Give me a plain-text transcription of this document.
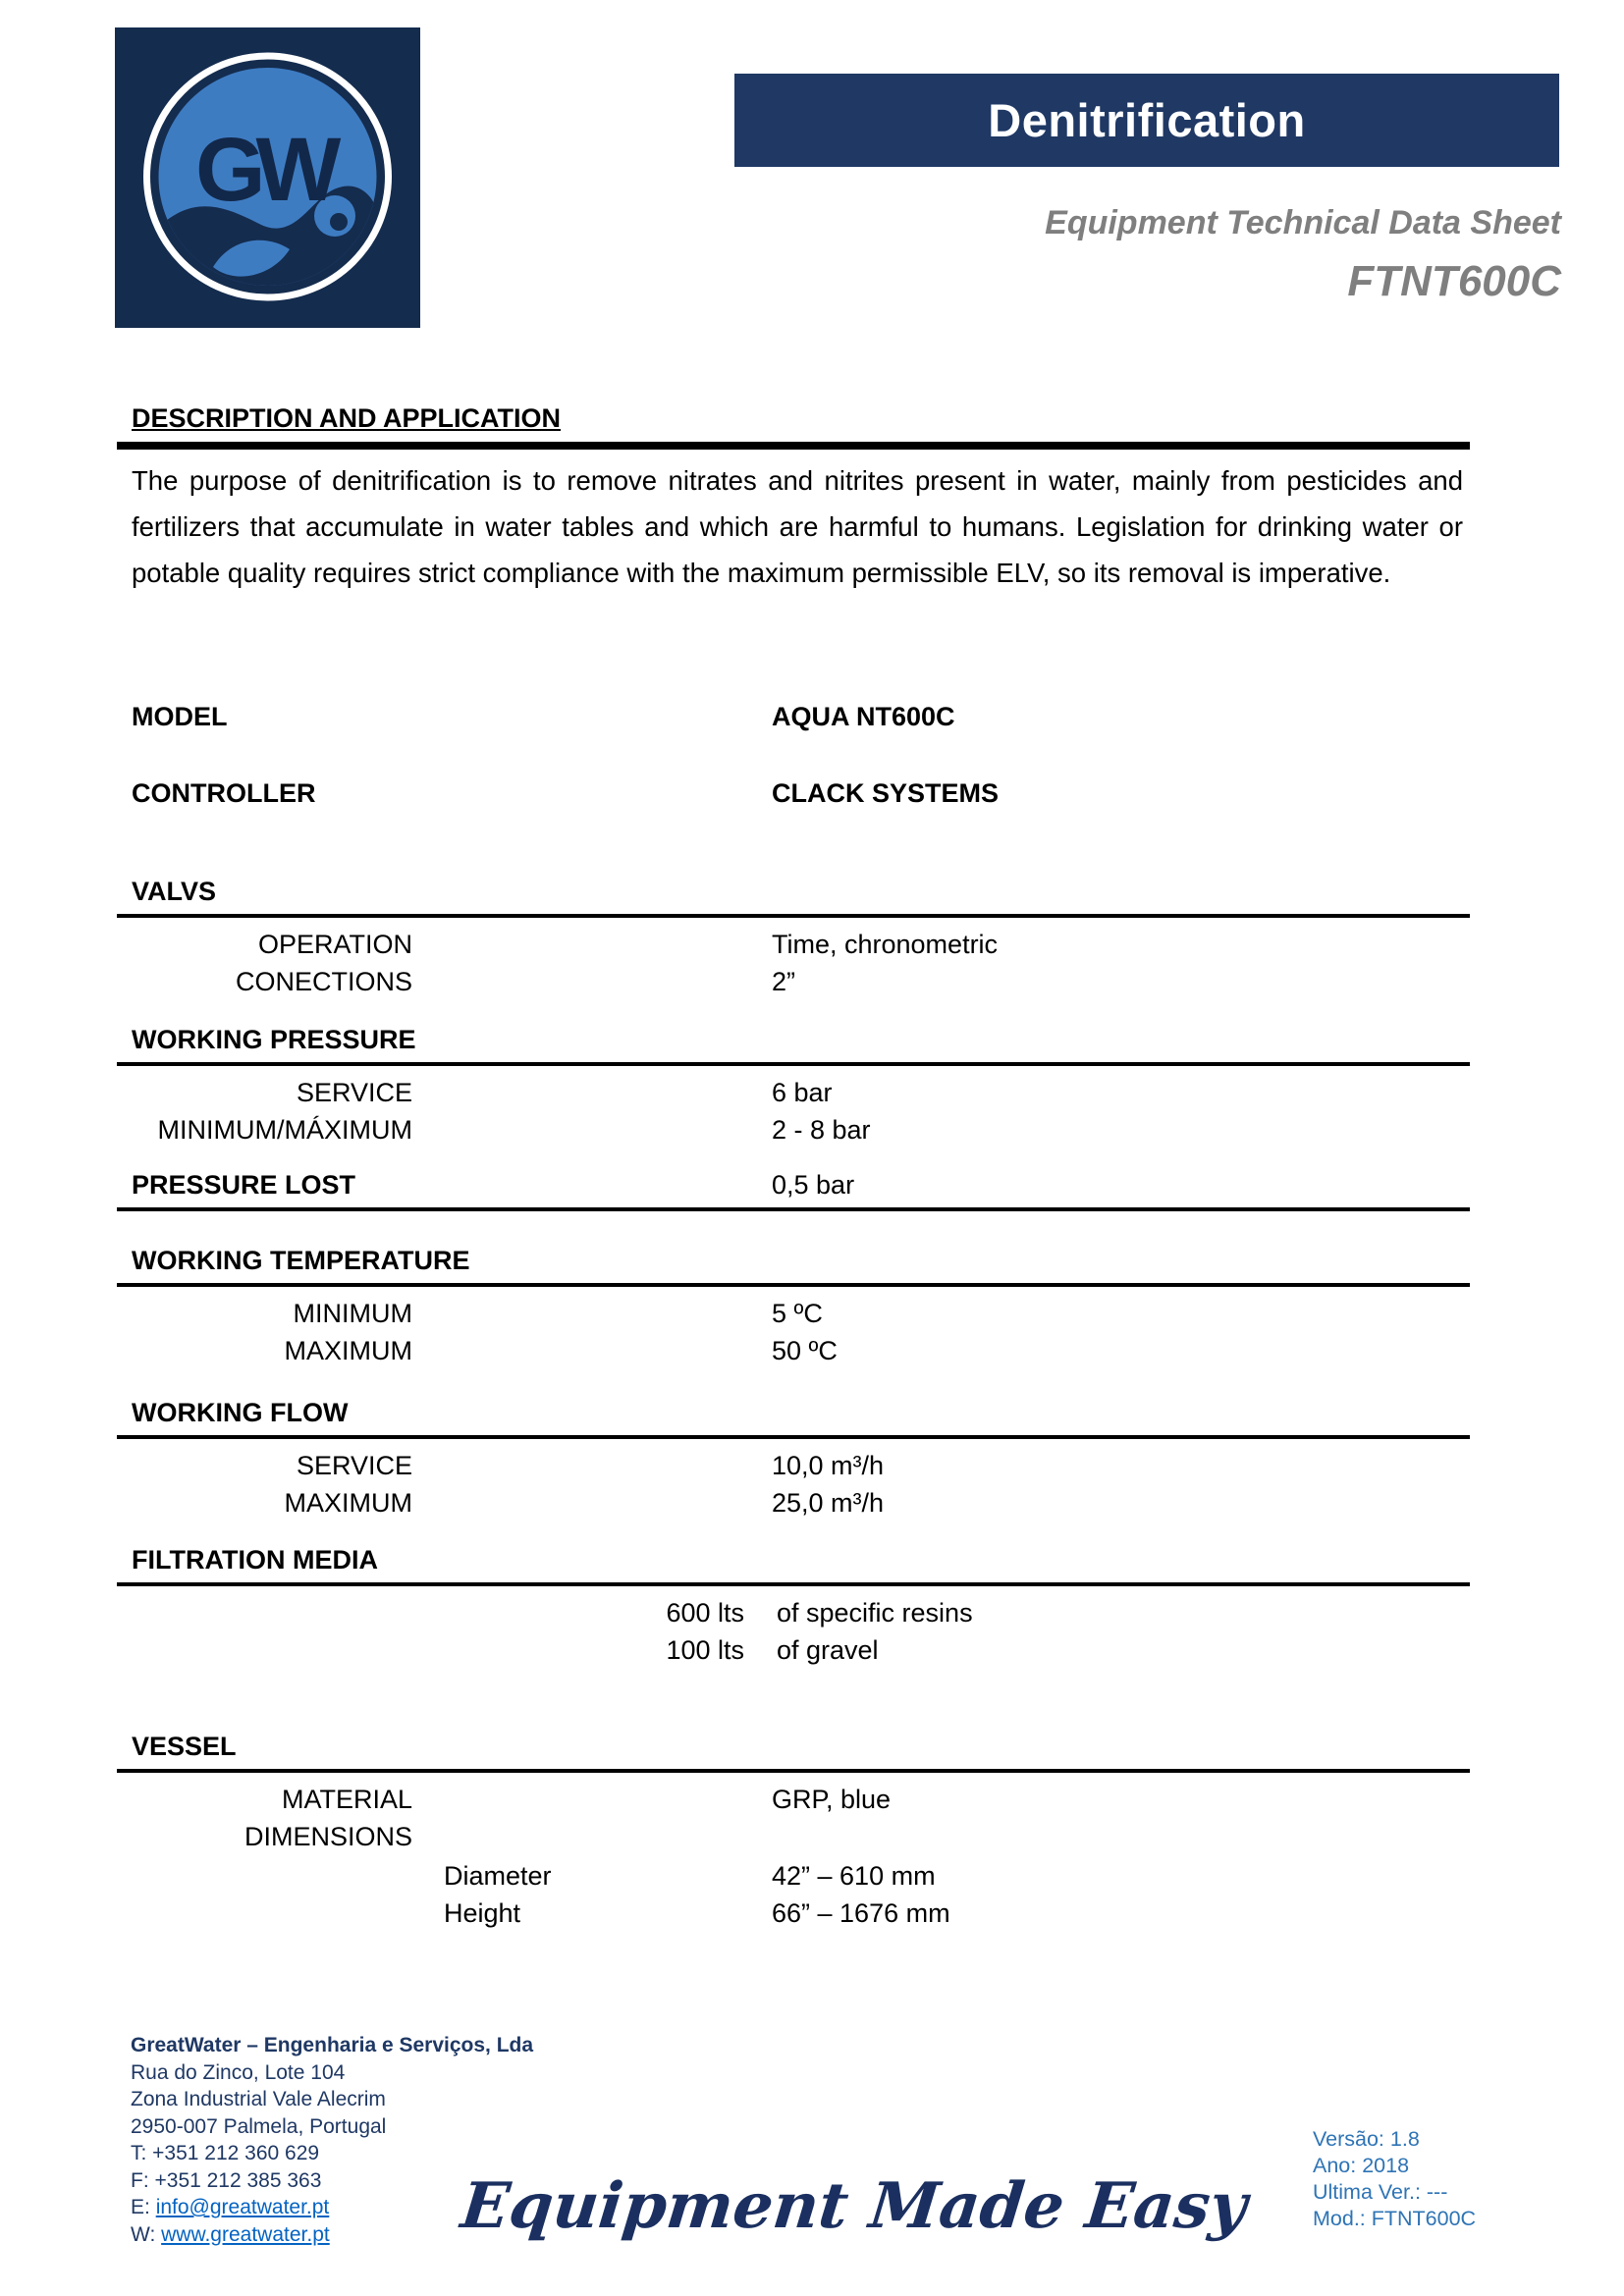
GW	Denitrification
Equipment Technical Data Sheet
FTNT600C
DESCRIPTION AND APPLICATION
The purpose of denitrification is to remove nitrates and nitrites present in water, mainly from pesticides and fertilizers that accumulate in water tables and which are harmful to humans. Legislation for drinking water or potable quality requires strict compliance with the maximum permissible ELV, so its removal is imperative.
MODEL	AQUA NT600C
CONTROLLER	CLACK SYSTEMS
VALVS
OPERATION	Time, chronometric
CONECTIONS	2”
WORKING PRESSURE
SERVICE	6 bar
MINIMUM/MÁXIMUM	2 - 8 bar
PRESSURE LOST	0,5 bar
WORKING TEMPERATURE
MINIMUM	5 ºC
MAXIMUM	50 ºC
WORKING FLOW
SERVICE	10,0 m³/h
MAXIMUM	25,0 m³/h
FILTRATION MEDIA
600 lts of specific resins
100 lts of gravel
VESSEL
MATERIAL	GRP, blue
DIMENSIONS
Diameter	42” – 610 mm
Height	66” – 1676 mm
GreatWater – Engenharia e Serviços, Lda
Rua do Zinco, Lote 104
Zona Industrial Vale Alecrim
2950-007 Palmela, Portugal
T: +351 212 360 629
F: +351 212 385 363
E: info@greatwater.pt
W: www.greatwater.pt	Equipment Made Easy
Versão: 1.8
Ano: 2018
Ultima Ver.: ---
Mod.: FTNT600C
